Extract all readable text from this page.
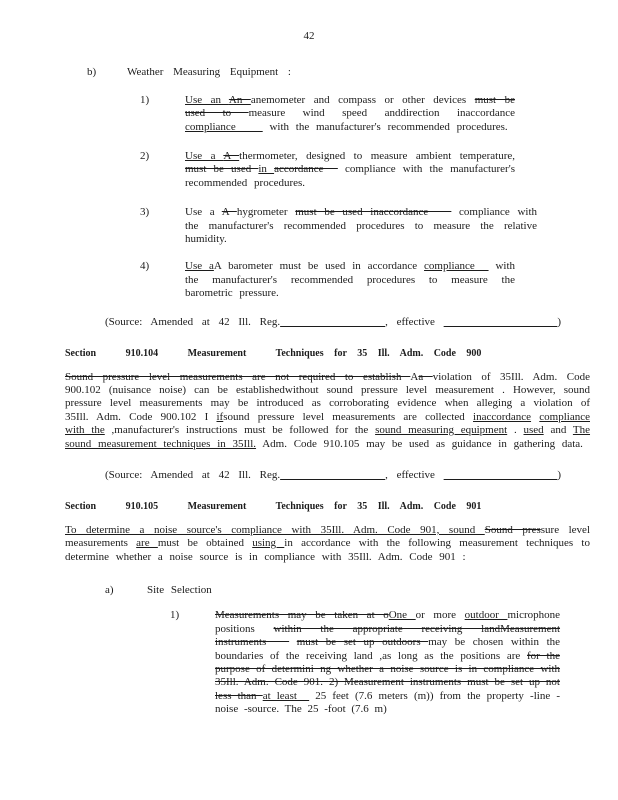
42
b)	Weather Measuring Equipment :
1)	Use an An anemometer and compass or other devices must be used to measure wind speed anddirection inaccordance compliance     with the manufacturer's recommended procedures.
2)	Use a A thermometer, designed to measure ambient temperature, must be used in accordance   compliance with the manufacturer's recommended procedures.
3)	Use a A hygrometer must be used inaccordance    compliance with the manufacturer's recommended procedures to measure the relative humidity.
4)	Use aA barometer must be used in accordance compliance   with the manufacturer's recommended procedures to measure the barometric pressure.
(Source: Amended at 42 Ill. Reg.	, effective	)
Section 910.104 Measurement Techniques for 35 Ill. Adm. Code 900
Sound pressure level measurements are not required to establish Aa violation of 35Ill. Adm. Code 900.102 (nuisance noise) can be establishedwithout sound pressure level measurement . However, sound pressure level measurements may be introduced as corroborating evidence when alleging a violation of 35Ill. Adm. Code 900.102 I ifsound pressure level measurements are collected inaccordance compliance with the ,manufacturer's instructions must be followed for the sound measuring equipment . used and The sound measurement techniques in 35Ill. Adm. Code 910.105 may be used as guidance in gathering data.
(Source: Amended at 42 Ill. Reg.	, effective	)
Section 910.105 Measurement Techniques for 35 Ill. Adm. Code 901
To determine a noise source's compliance with 35Ill. Adm. Code 901, sound Sound pressure level measurements are must be obtained using in accordance with the following measurement techniques to determine whether a noise source is in compliance with 35Ill. Adm. Code 901 :
a)	Site Selection
1)	Measurements may be taken at oOne or more outdoor microphone positions within the appropriate receiving landMeasurement instruments    must be set up outdoors may be chosen within the boundaries of the receiving land ,as long as the positions are for the purpose of determini ng whether a noise source is in compliance with 35Ill. Adm. Code 901. 2) Measurement instruments must be set up not less than at least   25 feet (7.6 meters (m)) from the property -line -noise -source. The 25 -foot (7.6 m)
